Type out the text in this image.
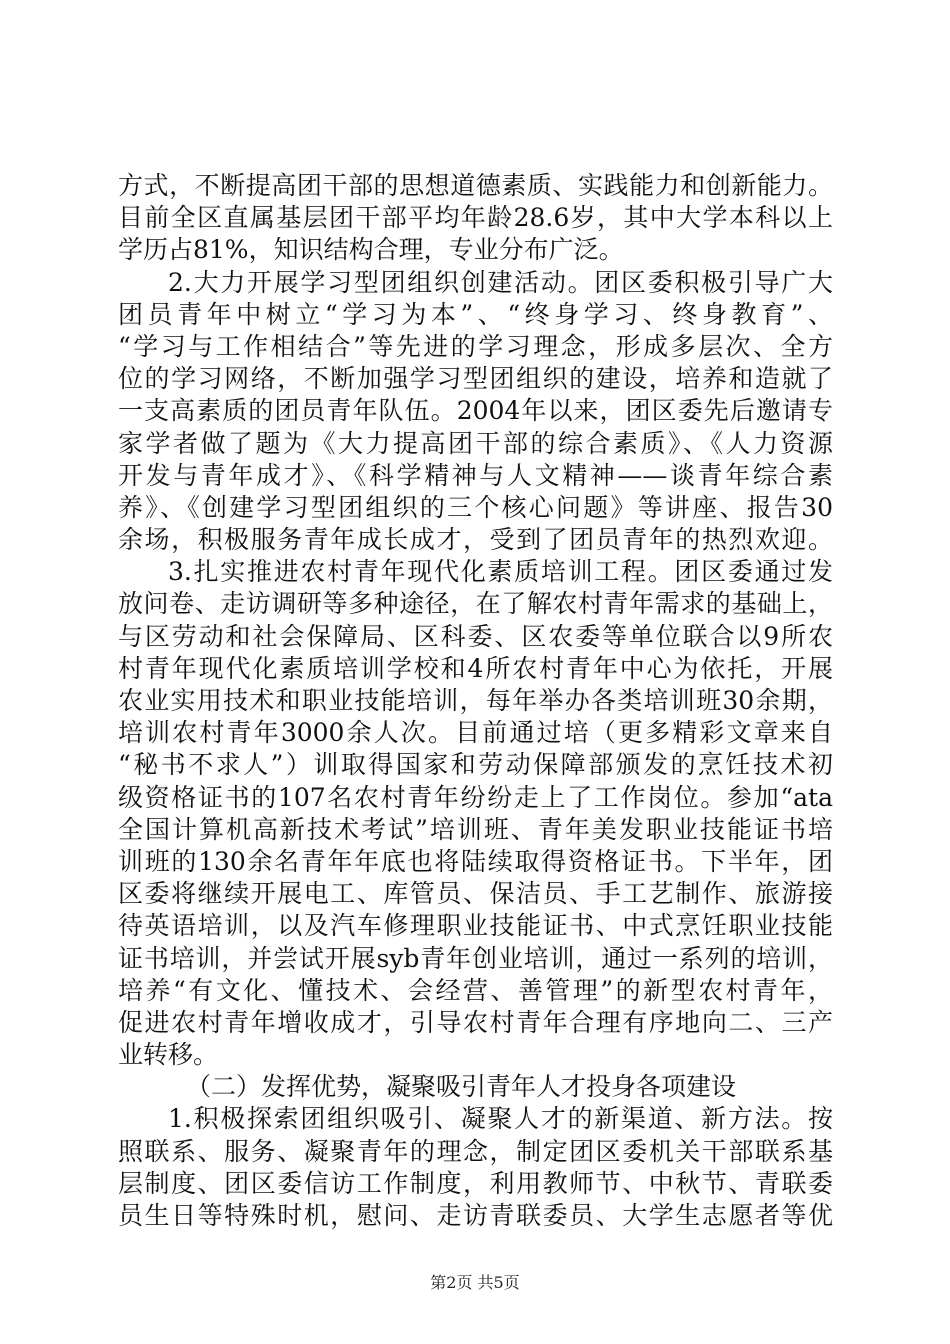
方式，不断提高团干部的思想道德素质、实践能力和创新能力。
目前全区直属基层团干部平均年龄28.6岁，其中大学本科以上
学历占81%，知识结构合理，专业分布广泛。
2.大力开展学习型团组织创建活动。团区委积极引导广大
团员青年中树立“学习为本”、“终身学习、终身教育”、
“学习与工作相结合”等先进的学习理念，形成多层次、全方
位的学习网络，不断加强学习型团组织的建设，培养和造就了
一支高素质的团员青年队伍。2004年以来，团区委先后邀请专
家学者做了题为《大力提高团干部的综合素质》、《人力资源
开发与青年成才》、《科学精神与人文精神——谈青年综合素
养》、《创建学习型团组织的三个核心问题》等讲座、报告30
余场，积极服务青年成长成才，受到了团员青年的热烈欢迎。
3.扎实推进农村青年现代化素质培训工程。团区委通过发
放问卷、走访调研等多种途径，在了解农村青年需求的基础上，
与区劳动和社会保障局、区科委、区农委等单位联合以9所农
村青年现代化素质培训学校和4所农村青年中心为依托，开展
农业实用技术和职业技能培训，每年举办各类培训班30余期，
培训农村青年3000余人次。目前通过培（更多精彩文章来自
“秘书不求人”）训取得国家和劳动保障部颁发的烹饪技术初
级资格证书的107名农村青年纷纷走上了工作岗位。参加“ata
全国计算机高新技术考试”培训班、青年美发职业技能证书培
训班的130余名青年年底也将陆续取得资格证书。下半年，团
区委将继续开展电工、库管员、保洁员、手工艺制作、旅游接
待英语培训，以及汽车修理职业技能证书、中式烹饪职业技能
证书培训，并尝试开展syb青年创业培训，通过一系列的培训，
培养“有文化、懂技术、会经营、善管理”的新型农村青年，
促进农村青年增收成才，引导农村青年合理有序地向二、三产
业转移。
（二）发挥优势，凝聚吸引青年人才投身各项建设
1.积极探索团组织吸引、凝聚人才的新渠道、新方法。按
照联系、服务、凝聚青年的理念，制定团区委机关干部联系基
层制度、团区委信访工作制度，利用教师节、中秋节、青联委
员生日等特殊时机，慰问、走访青联委员、大学生志愿者等优
第2页 共5页
